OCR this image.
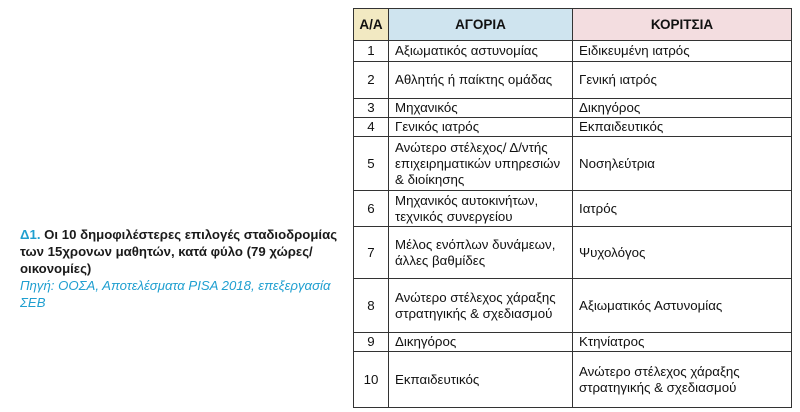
Δ1. Οι 10 δημοφιλέστερες επιλογές σταδιοδρομίας των 15χρονων μαθητών, κατά φύλο (79 χώρες/οικονομίες)
Πηγή: ΟΟΣΑ, Αποτελέσματα PISA 2018, επεξεργασία ΣΕΒ
Α/Α	ΑΓΟΡΙΑ	ΚΟΡΙΤΣΙΑ
1	Αξιωματικός αστυνομίας	Ειδικευμένη ιατρός
2	Αθλητής ή παίκτης ομάδας	Γενική ιατρός
3	Μηχανικός	Δικηγόρος
4	Γενικός ιατρός	Εκπαιδευτικός
5	Ανώτερο στέλεχος/ Δ/ντής επιχειρηματικών υπηρεσιών & διοίκησης	Νοσηλεύτρια
6	Μηχανικός αυτοκινήτων, τεχνικός συνεργείου	Ιατρός
7	Μέλος ενόπλων δυνάμεων, άλλες βαθμίδες	Ψυχολόγος
8	Ανώτερο στέλεχος χάραξης στρατηγικής & σχεδιασμού	Αξιωματικός Αστυνομίας
9	Δικηγόρος	Κτηνίατρος
10	Εκπαιδευτικός	Ανώτερο στέλεχος χάραξης στρατηγικής & σχεδιασμού
